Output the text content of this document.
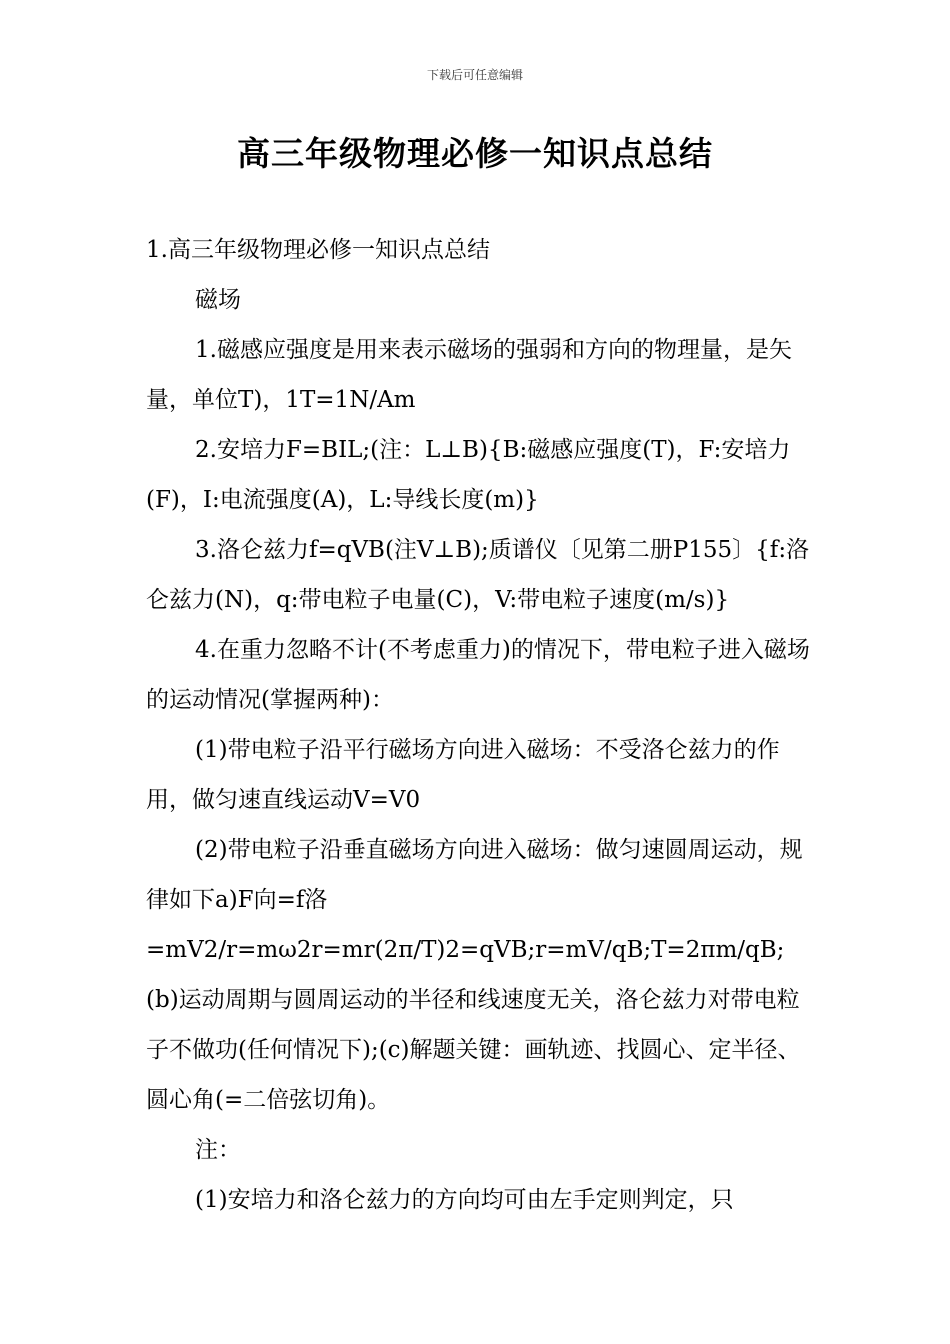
下载后可任意编辑
高三年级物理必修一知识点总结

1.高三年级物理必修一知识点总结

磁场

1.磁感应强度是用来表示磁场的强弱和方向的物理量，是矢量，单位T)，1T=1N/Am

2.安培力F=BIL;(注：L⊥B){B:磁感应强度(T)，F:安培力(F)，I:电流强度(A)，L:导线长度(m)}

3.洛仑兹力f=qVB(注V⊥B);质谱仪〔见第二册P155〕{f:洛仑兹力(N)，q:带电粒子电量(C)，V:带电粒子速度(m/s)}

4.在重力忽略不计(不考虑重力)的情况下，带电粒子进入磁场的运动情况(掌握两种)：

(1)带电粒子沿平行磁场方向进入磁场：不受洛仑兹力的作用，做匀速直线运动V=V0

(2)带电粒子沿垂直磁场方向进入磁场：做匀速圆周运动，规律如下a)F向=f洛=mV2/r=mω2r=mr(2π/T)2=qVB;r=mV/qB;T=2πm/qB;(b)运动周期与圆周运动的半径和线速度无关，洛仑兹力对带电粒子不做功(任何情况下);(c)解题关键：画轨迹、找圆心、定半径、圆心角(=二倍弦切角)。

注：

(1)安培力和洛仑兹力的方向均可由左手定则判定，只
